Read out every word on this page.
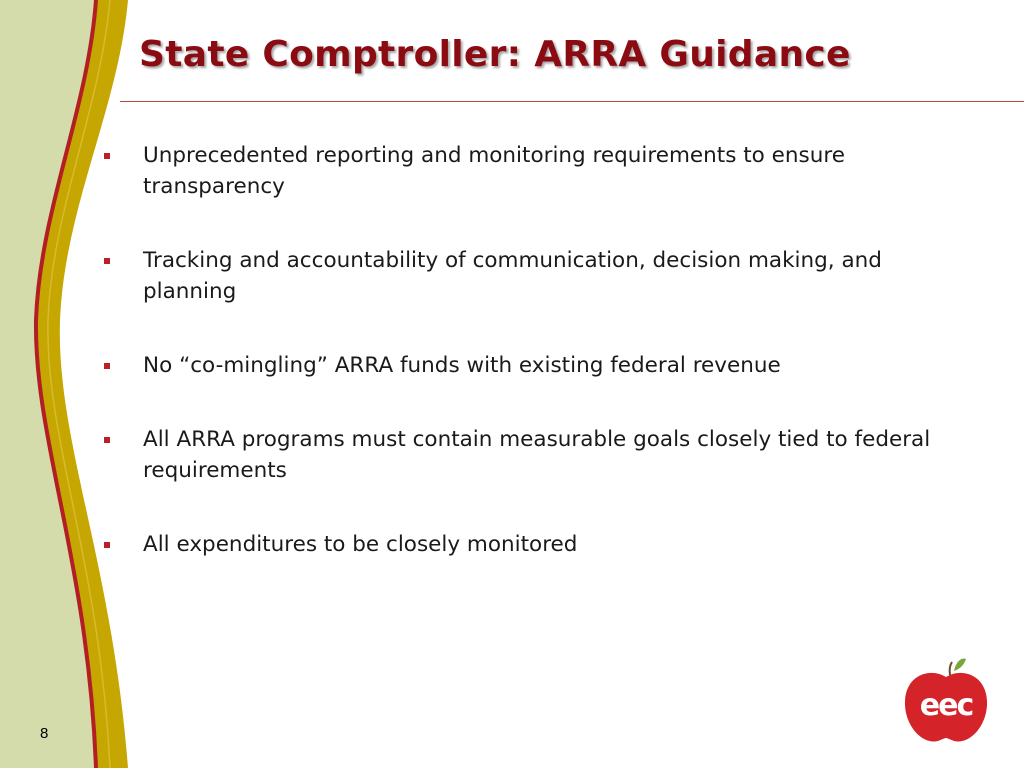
State Comptroller: ARRA Guidance
Unprecedented reporting and monitoring requirements to ensure transparency
Tracking and accountability of communication, decision making, and planning
No “co-mingling” ARRA funds with existing federal revenue
All ARRA programs must contain measurable goals closely tied to federal requirements
All expenditures to be closely monitored
8
eec
